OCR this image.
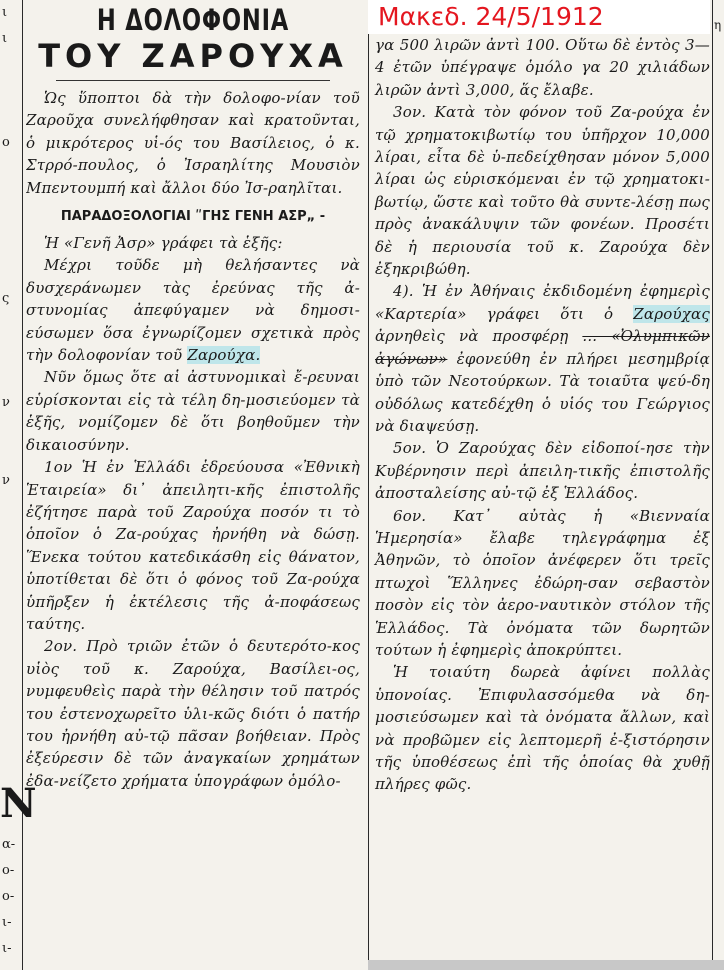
ι
ι

ο

ς

ν

ν

α-
ο-
ο-
ι-
ι-
N
Η ΔΟΛΟΦΟΝΙΑ
ΤΟΥ ΖΑΡΟΥΧΑ

Ὡς ὕποπτοι δὰ τὴν δολοφο-νίαν τοῦ Ζαροῦχα συνελήφθησαν καὶ κρατοῦνται, ὁ μικρότερος υἱ-ός του Βασίλειος, ὁ κ. Στρρό-πουλος, ὁ Ἰσραηλίτης Μουσιὸν Μπεντουμπή καὶ ἄλλοι δύο Ἰσ-ραηλῖται.

ΠΑΡΑΔΟΞΟΛΟΓΙΑΙ ʺΓΗΣ ΓΕΝΗ ΑΣΡ„ -

Ἡ «Γενῆ Ἀσρ» γράφει τὰ ἑξῆς:

Μέχρι τοῦδε μὴ θελήσαντες νὰ δυσχεράνωμεν τὰς ἐρεύνας τῆς ἀ-στυνομίας ἀπεφύγαμεν νὰ δημοσι-εύσωμεν ὅσα ἐγνωρίζομεν σχετικὰ πρὸς τὴν δολοφονίαν τοῦ Ζαρούχα.

Νῦν ὅμως ὅτε αἱ ἀστυνομικαὶ ἔ-ρευναι εὑρίσκονται εἰς τὰ τέλη δη-μοσιεύομεν τὰ ἑξῆς, νομίζομεν δὲ ὅτι βοηθοῦμεν τὴν δικαιοσύνην.

1ον Ἡ ἐν Ἑλλάδι ἑδρεύουσα «Ἐθνικὴ Ἑταιρεία» δι᾽ ἀπειλητι-κῆς ἐπιστολῆς ἐζήτησε παρὰ τοῦ Ζαρούχα ποσόν τι τὸ ὁποῖον ὁ Ζα-ρούχας ἠρνήθη νὰ δώσῃ. Ἕνεκα τούτου κατεδικάσθη εἰς θάνατον, ὑποτίθεται δὲ ὅτι ὁ φόνος τοῦ Ζα-ρούχα ὑπῆρξεν ἡ ἐκτέλεσις τῆς ἀ-ποφάσεως ταύτης.

2ον. Πρὸ τριῶν ἐτῶν ὁ δευτερότο-κος υἱὸς τοῦ κ. Ζαρούχα, Βασίλει-ος, νυμφευθεὶς παρὰ τὴν θέλησιν τοῦ πατρός του ἐστενοχωρεῖτο ὑλι-κῶς διότι ὁ πατήρ του ἠρνήθη αὐ-τῷ πᾶσαν βοήθειαν. Πρὸς ἐξεύρεσιν δὲ τῶν ἀναγκαίων χρημάτων ἐδα-νείζετο χρήματα ὑπογράφων ὁμόλο-

γα 500 λιρῶν ἀντὶ 100. Οὕτω δὲ ἐντὸς 3—4 ἐτῶν ὑπέγραψε ὁμόλο γα 20 χιλιάδων λιρῶν ἀντὶ 3,000, ἅς ἔλαβε.

3ον. Κατὰ τὸν φόνον τοῦ Ζα-ρούχα ἐν τῷ χρηματοκιβωτίῳ του ὑπῆρχον 10,000 λίραι, εἶτα δὲ ὑ-πεδείχθησαν μόνον 5,000 λίραι ὡς εὑρισκόμεναι ἐν τῷ χρηματοκι-βωτίῳ, ὥστε καὶ τοῦτο θὰ συντε-λέσῃ πως πρὸς ἀνακάλυψιν τῶν φονέων. Προσέτι δὲ ἡ περιουσία τοῦ κ. Ζαρούχα δὲν ἐξηκριβώθη.

4). Ἡ ἐν Ἀθήναις ἐκδιδομένη ἐφημερὶς «Καρτερία» γράφει ὅτι ὁ Ζαρούχας ἀρνηθεὶς νὰ προσφέρῃ ... «Ὀλυμπικῶν ἀγώνων» ἐφονεύθη ἐν πλήρει μεσημβρίᾳ ὑπὸ τῶν Νεοτούρκων. Τὰ τοιαῦτα ψεύ-δη οὐδόλως κατεδέχθη ὁ υἱός του Γεώργιος νὰ διαψεύσῃ.

5ον. Ὁ Ζαρούχας δὲν εἰδοποί-ησε τὴν Κυβέρνησιν περὶ ἀπειλη-τικῆς ἐπιστολῆς ἀποσταλείσης αὐ-τῷ ἐξ Ἑλλάδος.

6ον. Κατ᾽ αὐτὰς ἡ «Βιενναία Ἡμερησία» ἔλαβε τηλεγράφημα ἐξ Ἀθηνῶν, τὸ ὁποῖον ἀνέφερεν ὅτι τρεῖς πτωχοὶ Ἕλληνες ἐδώρη-σαν σεβαστὸν ποσὸν εἰς τὸν ἀερο-ναυτικὸν στόλον τῆς Ἑλλάδος. Τὰ ὀνόματα τῶν δωρητῶν τούτων ἡ ἐφημερὶς ἀποκρύπτει.

Ἡ τοιαύτη δωρεὰ ἀφίνει πολλὰς ὑπονοίας. Ἐπιφυλασσόμεθα νὰ δη-μοσιεύσωμεν καὶ τὰ ὀνόματα ἄλλων, καὶ νὰ προβῶμεν εἰς λεπτομερῆ ἐ-ξιστόρησιν τῆς ὑποθέσεως ἐπὶ τῆς ὁποίας θὰ χυθῇ πλήρες φῶς.

η

Μακεδ. 24/5/1912
